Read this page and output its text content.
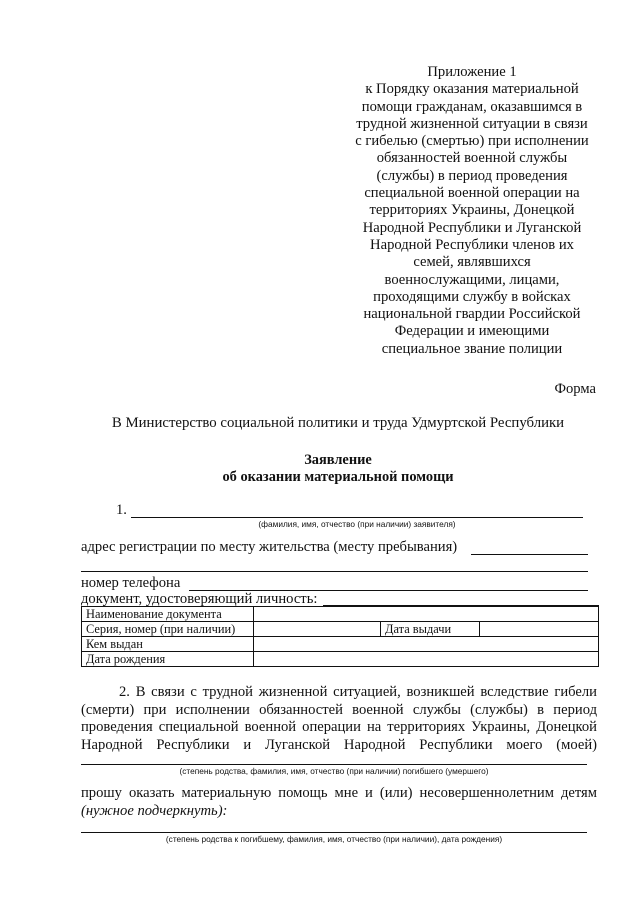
Приложение 1
к Порядку оказания материальной
помощи гражданам, оказавшимся в
трудной жизненной ситуации в связи
с гибелью (смертью) при исполнении
обязанностей военной службы
(службы) в период проведения
специальной военной операции на
территориях Украины, Донецкой
Народной Республики и Луганской
Народной Республики членов их
семей, являвшихся
военнослужащими, лицами,
проходящими службу в войсках
национальной гвардии Российской
Федерации и имеющими
специальное звание полиции
Форма
В Министерство социальной политики и труда Удмуртской Республики
Заявление
об оказании материальной помощи
1.
(фамилия, имя, отчество (при наличии) заявителя)
адрес регистрации по месту жительства (месту пребывания)
номер телефона
документ, удостоверяющий личность:
Наименование документа			
Серия, номер (при наличии)		Дата выдачи	
Кем выдан			
Дата рождения			
2. В связи с трудной жизненной ситуацией, возникшей вследствие гибели
(смерти) при исполнении обязанностей военной службы (службы) в период
проведения специальной военной операции на территориях Украины, Донецкой
Народной Республики и Луганской Народной Республики моего (моей)
(степень родства, фамилия, имя, отчество (при наличии) погибшего (умершего)
прошу оказать материальную помощь мне и (или) несовершеннолетним детям
(нужное подчеркнуть):
(степень родства к погибшему, фамилия, имя, отчество (при наличии), дата рождения)
